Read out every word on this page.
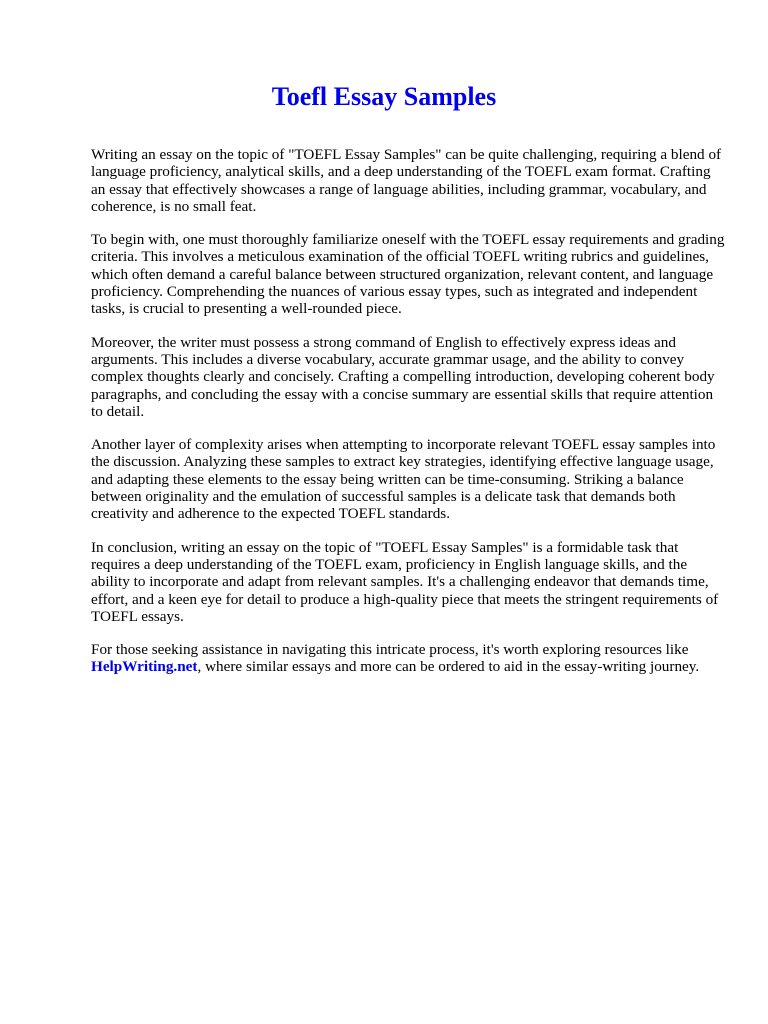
Toefl Essay Samples

Writing an essay on the topic of "TOEFL Essay Samples" can be quite challenging, requiring a blend of language proficiency, analytical skills, and a deep understanding of the TOEFL exam format. Crafting an essay that effectively showcases a range of language abilities, including grammar, vocabulary, and coherence, is no small feat.

To begin with, one must thoroughly familiarize oneself with the TOEFL essay requirements and grading criteria. This involves a meticulous examination of the official TOEFL writing rubrics and guidelines, which often demand a careful balance between structured organization, relevant content, and language proficiency. Comprehending the nuances of various essay types, such as integrated and independent tasks, is crucial to presenting a well-rounded piece.

Moreover, the writer must possess a strong command of English to effectively express ideas and arguments. This includes a diverse vocabulary, accurate grammar usage, and the ability to convey complex thoughts clearly and concisely. Crafting a compelling introduction, developing coherent body paragraphs, and concluding the essay with a concise summary are essential skills that require attention to detail.

Another layer of complexity arises when attempting to incorporate relevant TOEFL essay samples into the discussion. Analyzing these samples to extract key strategies, identifying effective language usage, and adapting these elements to the essay being written can be time-consuming. Striking a balance between originality and the emulation of successful samples is a delicate task that demands both creativity and adherence to the expected TOEFL standards.

In conclusion, writing an essay on the topic of "TOEFL Essay Samples" is a formidable task that requires a deep understanding of the TOEFL exam, proficiency in English language skills, and the ability to incorporate and adapt from relevant samples. It's a challenging endeavor that demands time, effort, and a keen eye for detail to produce a high-quality piece that meets the stringent requirements of TOEFL essays.

For those seeking assistance in navigating this intricate process, it's worth exploring resources like HelpWriting.net, where similar essays and more can be ordered to aid in the essay-writing journey.
